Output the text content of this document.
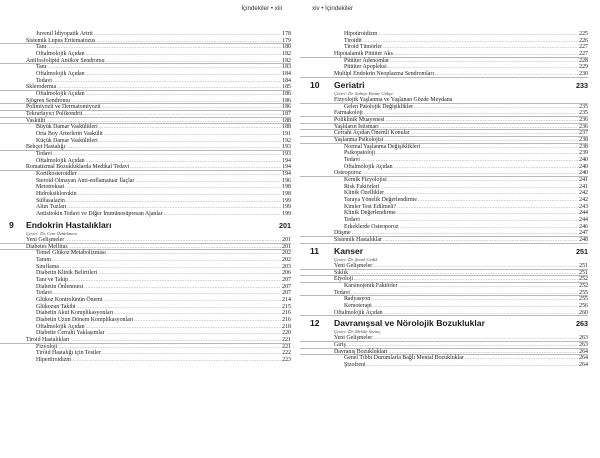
İçindekiler • xiii
Juvenil İdiyopatik Artrit .....	178
Sistemik Lupus Eritematozus .....	179
Tanı .....	180
Oftalmolojik Açıdan .....	182
Antifosfolipid Antikor Sendromu .....	182
Tanı .....	183
Oftalmolojik Açıdan .....	184
Tedavi .....	184
Skleroderma .....	185
Oftalmolojik Açıdan .....	186
Sjögren Sendromu .....	186
Polimiyozit ve Dermatomiyozit .....	186
Tekrarlayıcı Polikondrit .....	187
Vaskülit .....	188
Büyük Damar Vaskülitleri .....	188
Orta Boy Arterlerin Vaskülit .....	191
Küçük Damar Vaskülitleri .....	192
Behçet Hastalığı .....	193
Tedavi .....	193
Oftalmolojik Açıdan .....	194
Romatizmal Bozukluklarda Medikal Tedavi .....	194
Kortikosteroidler .....	194
Steroid Olmayan Anti-enflamatuar İlaçlar .....	196
Metotreksat .....	198
Hidroksiklorokin .....	198
Sülfasalazin .....	199
Altın Tuzları .....	199
Antisitokin Tedavi ve Diğer İmmünosüpresan Ajanlar .....	199
9	Endokrin Hastalıkları	201
Çeviri: Dr. Cem Öztürkmen
Yeni Gelişmeler .....	201
Diabetes Mellitus .....	201
Temel Glükoz Metabolizması .....	202
Tanım .....	202
Sınıflama .....	203
Diabetin Klinik Belirtileri .....	206
Tanı ve Takip .....	207
Diabetin Önlenmesi .....	207
Tedavi .....	207
Glükoz Kontrolünün Önemi .....	214
Glükozun Takibi .....	215
Diabetin Akut Komplikasyonları .....	216
Diabetin Uzun Dönem Komplikasyonları .....	216
Oftalmolojik Açıdan .....	218
Diabette Cerrahi Yaklaşımlar .....	220
Tiroid Hastalıkları .....	221
Fizyoloji .....	221
Tiroid Hastalığı için Testler .....	222
Hipertiroidizm .....	223
xiv • İçindekiler
Hipotiroidizm .....	225
Tiroidit .....	226
Tiroid Tümörler .....	227
Hipotalamik Pitüiter Aks .....	227
Pitüiter Adenomlar .....	228
Pitüiter Apopleksi .....	229
Multipl Endokrin Neoplazma Sendromları .....	230
10	Geriatri	233
Çeviri: Dr. Sabiye Emine Gökçe
Fizyolojik Yaşlanma ve Yaşlanan Gözde Meydana
Gelen Patolojik Değişiklikler .....	235
Farmakoloji .....	235
Poliklinik Muayenesi .....	236
Yaşlıların İstismarı .....	236
Cerrahi Açıdan Önemli Konular .....	237
Yaşlanma Psikolojisi .....	238
Normal Yaşlanma Değişiklikleri .....	238
Psikopatoloji .....	239
Tedavi .....	240
Oftalmolojik Açıdan .....	240
Osteoporoz .....	240
Kemik Fizyolojisi .....	241
Risk Faktörleri .....	241
Klinik Özellikler .....	242
Taraya Yönelik Değerlendirme .....	242
Kimler Test Edilmeli? .....	243
Klinik Değerlendirme .....	244
Tedavi .....	244
Erkeklerde Osteoporoz .....	246
Düşme .....	247
Sistemik Hastalıklar .....	248
11	Kanser	251
Çeviri: Dr. Şenol Gedik
Yeni Gelişmeler .....	251
Sıklık .....	251
Etyoloji .....	252
Karsinojenik Faktörler .....	252
Tedavi .....	255
Radyasyon .....	255
Kemoterapi .....	256
Oftalmolojik Açıdan .....	260
12	Davranışsal ve Nörolojik Bozukluklar	263
Çeviri: Dr. Melike Sezinç
Yeni Gelişmeler .....	263
Giriş .....	263
Davranış Bozuklukları .....	264
Genel Tıbbi Durumlarla Bağlı Mental Bozukluklar .....	264
Şizofreni .....	264
